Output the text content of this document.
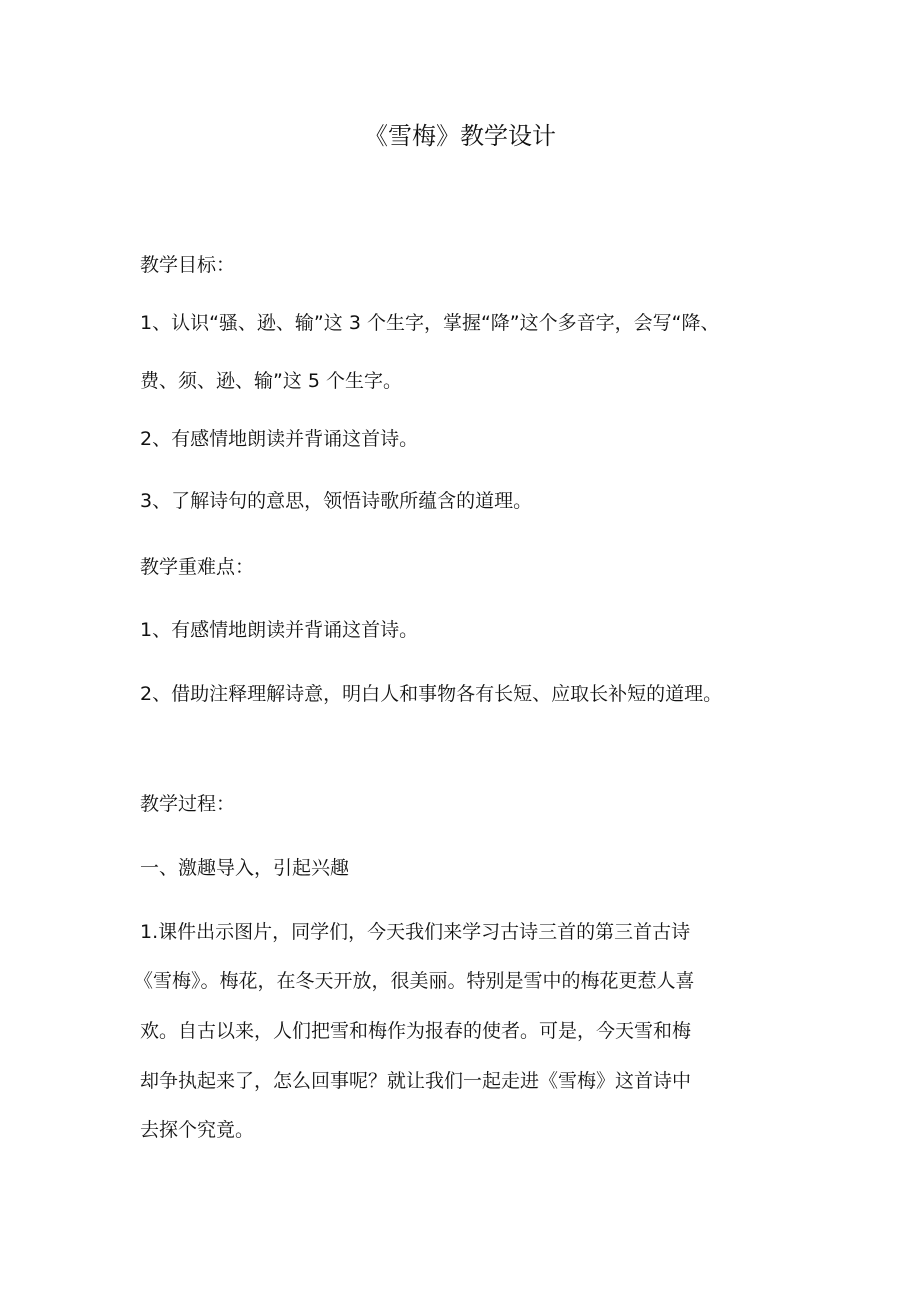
《雪梅》教学设计
教学目标：
1、认识“骚、逊、输”这 3 个生字，掌握“降”这个多音字，会写“降、
费、须、逊、输”这 5 个生字。
2、有感情地朗读并背诵这首诗。
3、了解诗句的意思，领悟诗歌所蕴含的道理。
教学重难点：
1、有感情地朗读并背诵这首诗。
2、借助注释理解诗意，明白人和事物各有长短、应取长补短的道理。
教学过程：
一、激趣导入，引起兴趣
1.课件出示图片，同学们，今天我们来学习古诗三首的第三首古诗
《雪梅》。梅花，在冬天开放，很美丽。特别是雪中的梅花更惹人喜
欢。自古以来，人们把雪和梅作为报春的使者。可是，今天雪和梅
却争执起来了，怎么回事呢？就让我们一起走进《雪梅》这首诗中
去探个究竟。
